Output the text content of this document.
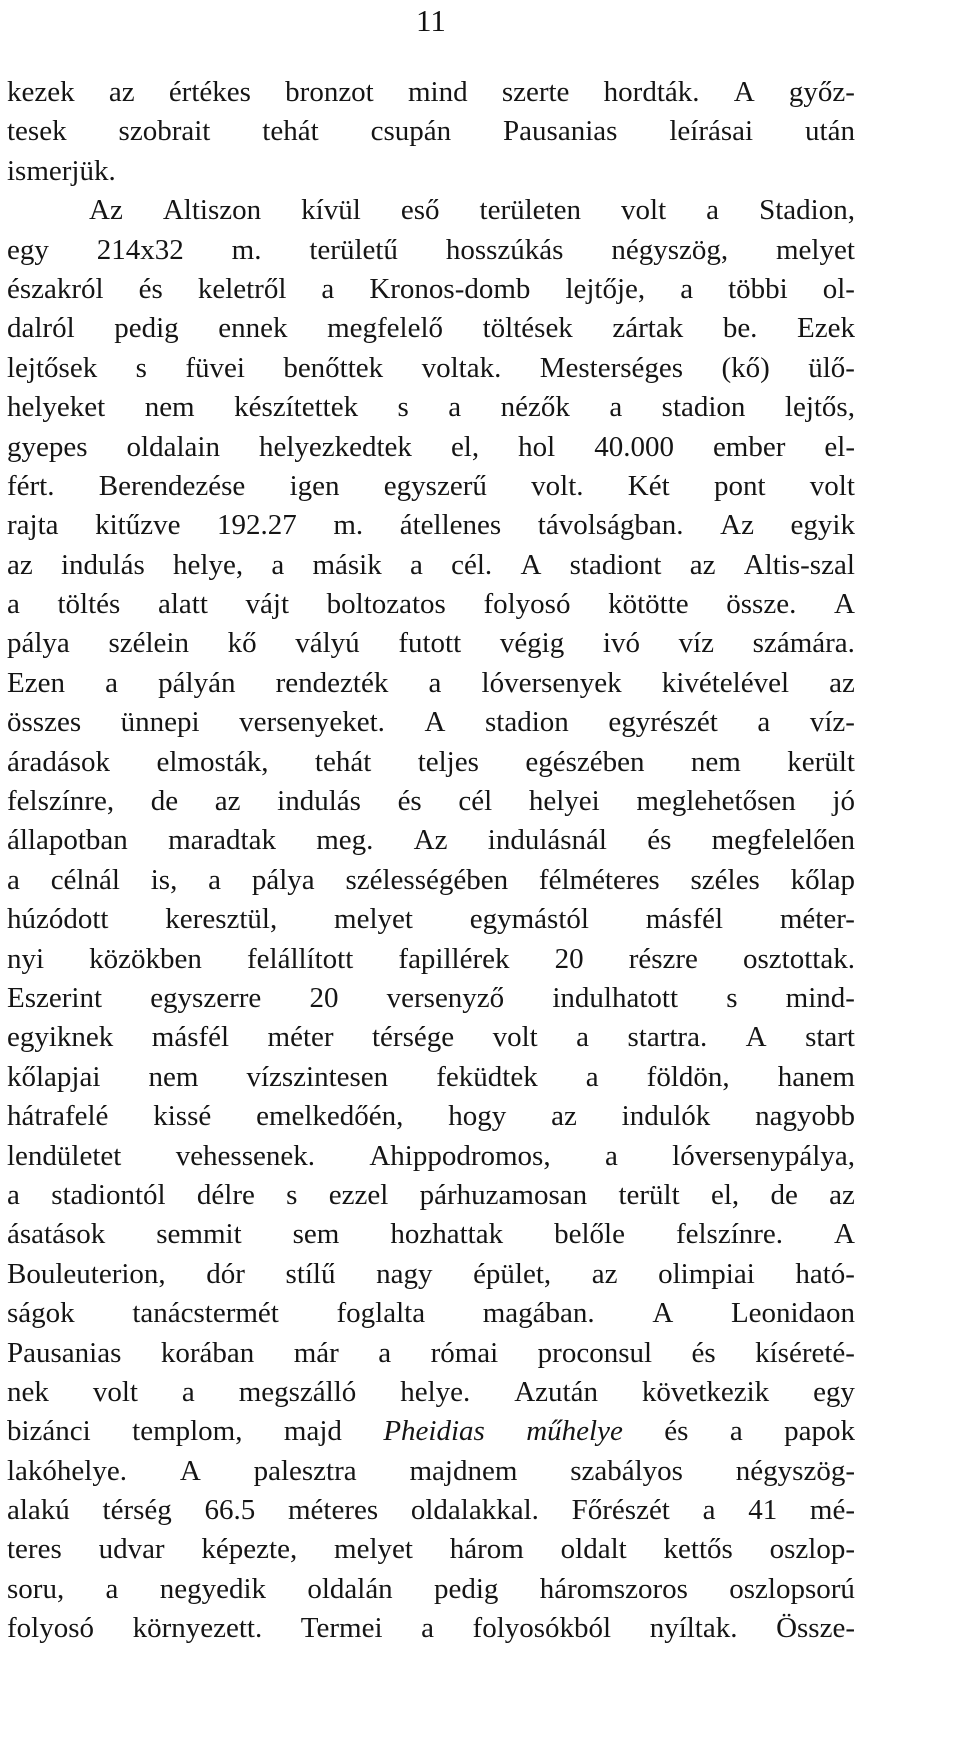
11
kezek az értékes bronzot mind szerte hordták. A győz-
tesek szobrait tehát csupán Pausanias leírásai után
ismerjük.
Az Altiszon kívül eső területen volt a Stadion,
egy 214x32 m. területű hosszúkás négyszög, melyet
északról és keletről a Kronos-domb lejtője, a többi ol-
dalról pedig ennek megfelelő töltések zártak be. Ezek
lejtősek s füvei benőttek voltak. Mesterséges (kő) ülő-
helyeket nem készítettek s a nézők a stadion lejtős,
gyepes oldalain helyezkedtek el, hol 40.000 ember el-
fért. Berendezése igen egyszerű volt. Két pont volt
rajta kitűzve 192.27 m. átellenes távolságban. Az egyik
az indulás helye, a másik a cél. A stadiont az Altis-szal
a töltés alatt vájt boltozatos folyosó kötötte össze. A
pálya szélein kő vályú futott végig ivó víz számára.
Ezen a pályán rendezték a lóversenyek kivételével az
összes ünnepi versenyeket. A stadion egyrészét a víz-
áradások elmosták, tehát teljes egészében nem került
felszínre, de az indulás és cél helyei meglehetősen jó
állapotban maradtak meg. Az indulásnál és megfelelően
a célnál is, a pálya szélességében félméteres széles kőlap
húzódott keresztül, melyet egymástól másfél méter-
nyi közökben felállított fapillérek 20 részre osztottak.
Eszerint egyszerre 20 versenyző indulhatott s mind-
egyiknek másfél méter térsége volt a startra. A start
kőlapjai nem vízszintesen feküdtek a földön, hanem
hátrafelé kissé emelkedőén, hogy az indulók nagyobb
lendületet vehessenek. Ahippodromos, a lóversenypálya,
a stadiontól délre s ezzel párhuzamosan terült el, de az
ásatások semmit sem hozhattak belőle felszínre. A
Bouleuterion, dór stílű nagy épület, az olimpiai ható-
ságok tanácstermét foglalta magában. A Leonidaon
Pausanias korában már a római proconsul és kíséreté-
nek volt a megszálló helye. Azután következik egy
bizánci templom, majd Pheidias műhelye és a papok
lakóhelye. A palesztra majdnem szabályos négyszög-
alakú térség 66.5 méteres oldalakkal. Főrészét a 41 mé-
teres udvar képezte, melyet három oldalt kettős oszlop-
soru, a negyedik oldalán pedig háromszoros oszlopsorú
folyosó környezett. Termei a folyosókból nyíltak. Össze-
